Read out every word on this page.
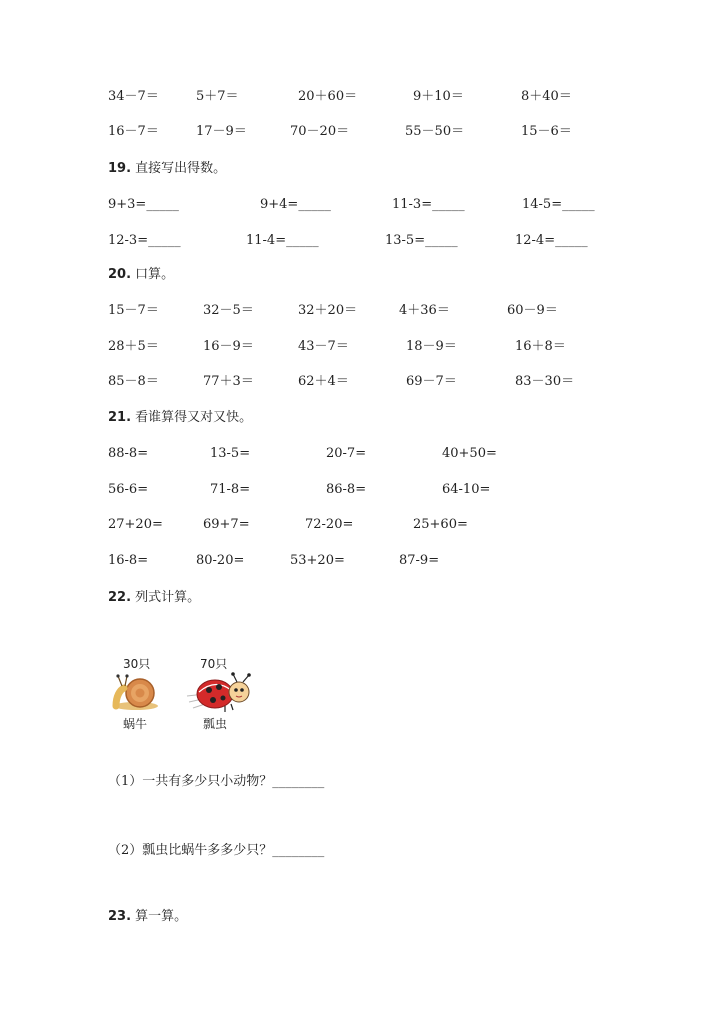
34－7＝	5＋7＝	20＋60＝	9＋10＝	8＋40＝
16－7＝	17－9＝	70－20＝	55－50＝	15－6＝
19. 直接写出得数。
9+3=_____	9+4=_____	11-3=_____	14-5=_____
12-3=_____	11-4=_____	13-5=_____	12-4=_____
20. 口算。
15－7＝	32－5＝	32＋20＝	4＋36＝	60－9＝
28＋5＝	16－9＝	43－7＝	18－9＝	16＋8＝
85－8＝	77＋3＝	62＋4＝	69－7＝	83－30＝
21. 看谁算得又对又快。
88-8=	13-5=	20-7=	40+50=
56-6=	71-8=	86-8=	64-10=
27+20=	69+7=	72-20=	25+60=
16-8=	80-20=	53+20=	87-9=
22. 列式计算。
30只
蜗牛
70只
瓢虫
（1）一共有多少只小动物？________
（2）瓢虫比蜗牛多多少只？________
23. 算一算。
